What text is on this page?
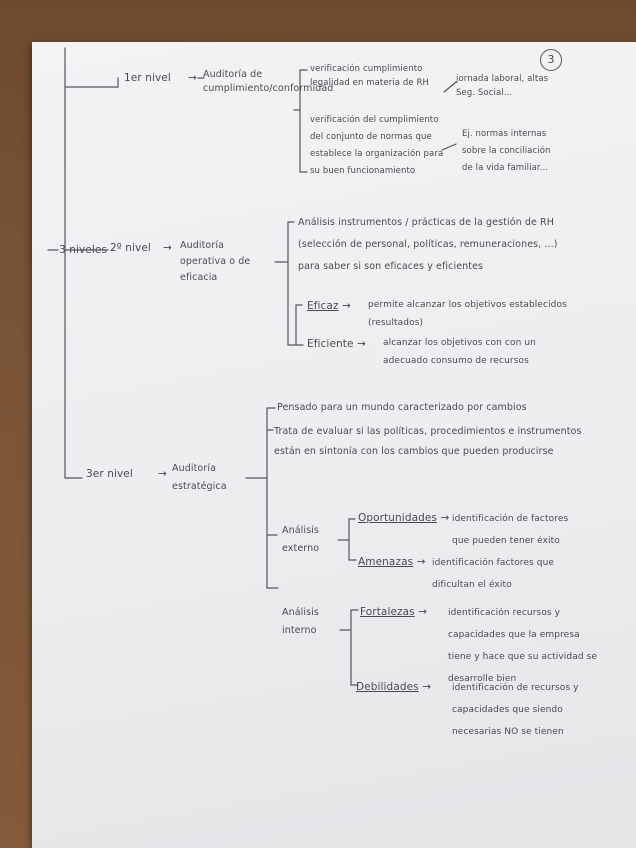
3
3 niveles
1er nivel → Auditoría de cumplimiento/conformidad
verificación cumplimiento legalidad en materia de RH	jornada laboral, altas Seg. Social...
verificación del cumplimiento del conjunto de normas que establece la organización para su buen funcionamiento
Ej. normas internas sobre la conciliación de la vida familiar...
2º nivel → Auditoría operativa o de eficacia
Análisis instrumentos / prácticas de la gestión de RH (selección de personal, políticas, remuneraciones, ...) para saber si son eficaces y eficientes
Eficaz → permite alcanzar los objetivos establecidos (resultados)
Eficiente → alcanzar los objetivos con con un adecuado consumo de recursos
3er nivel → Auditoría estratégica
Pensado para un mundo caracterizado por cambios
Trata de evaluar si las políticas, procedimientos e instrumentos están en sintonía con los cambios que pueden producirse
Análisis externo
Oportunidades → identificación de factores que pueden tener éxito
Amenazas → identificación factores que dificultan el éxito
Análisis interno
Fortalezas → identificación recursos y capacidades que la empresa tiene y hace que su actividad se desarrolle bien
Debilidades → identificación de recursos y capacidades que siendo necesarias NO se tienen
